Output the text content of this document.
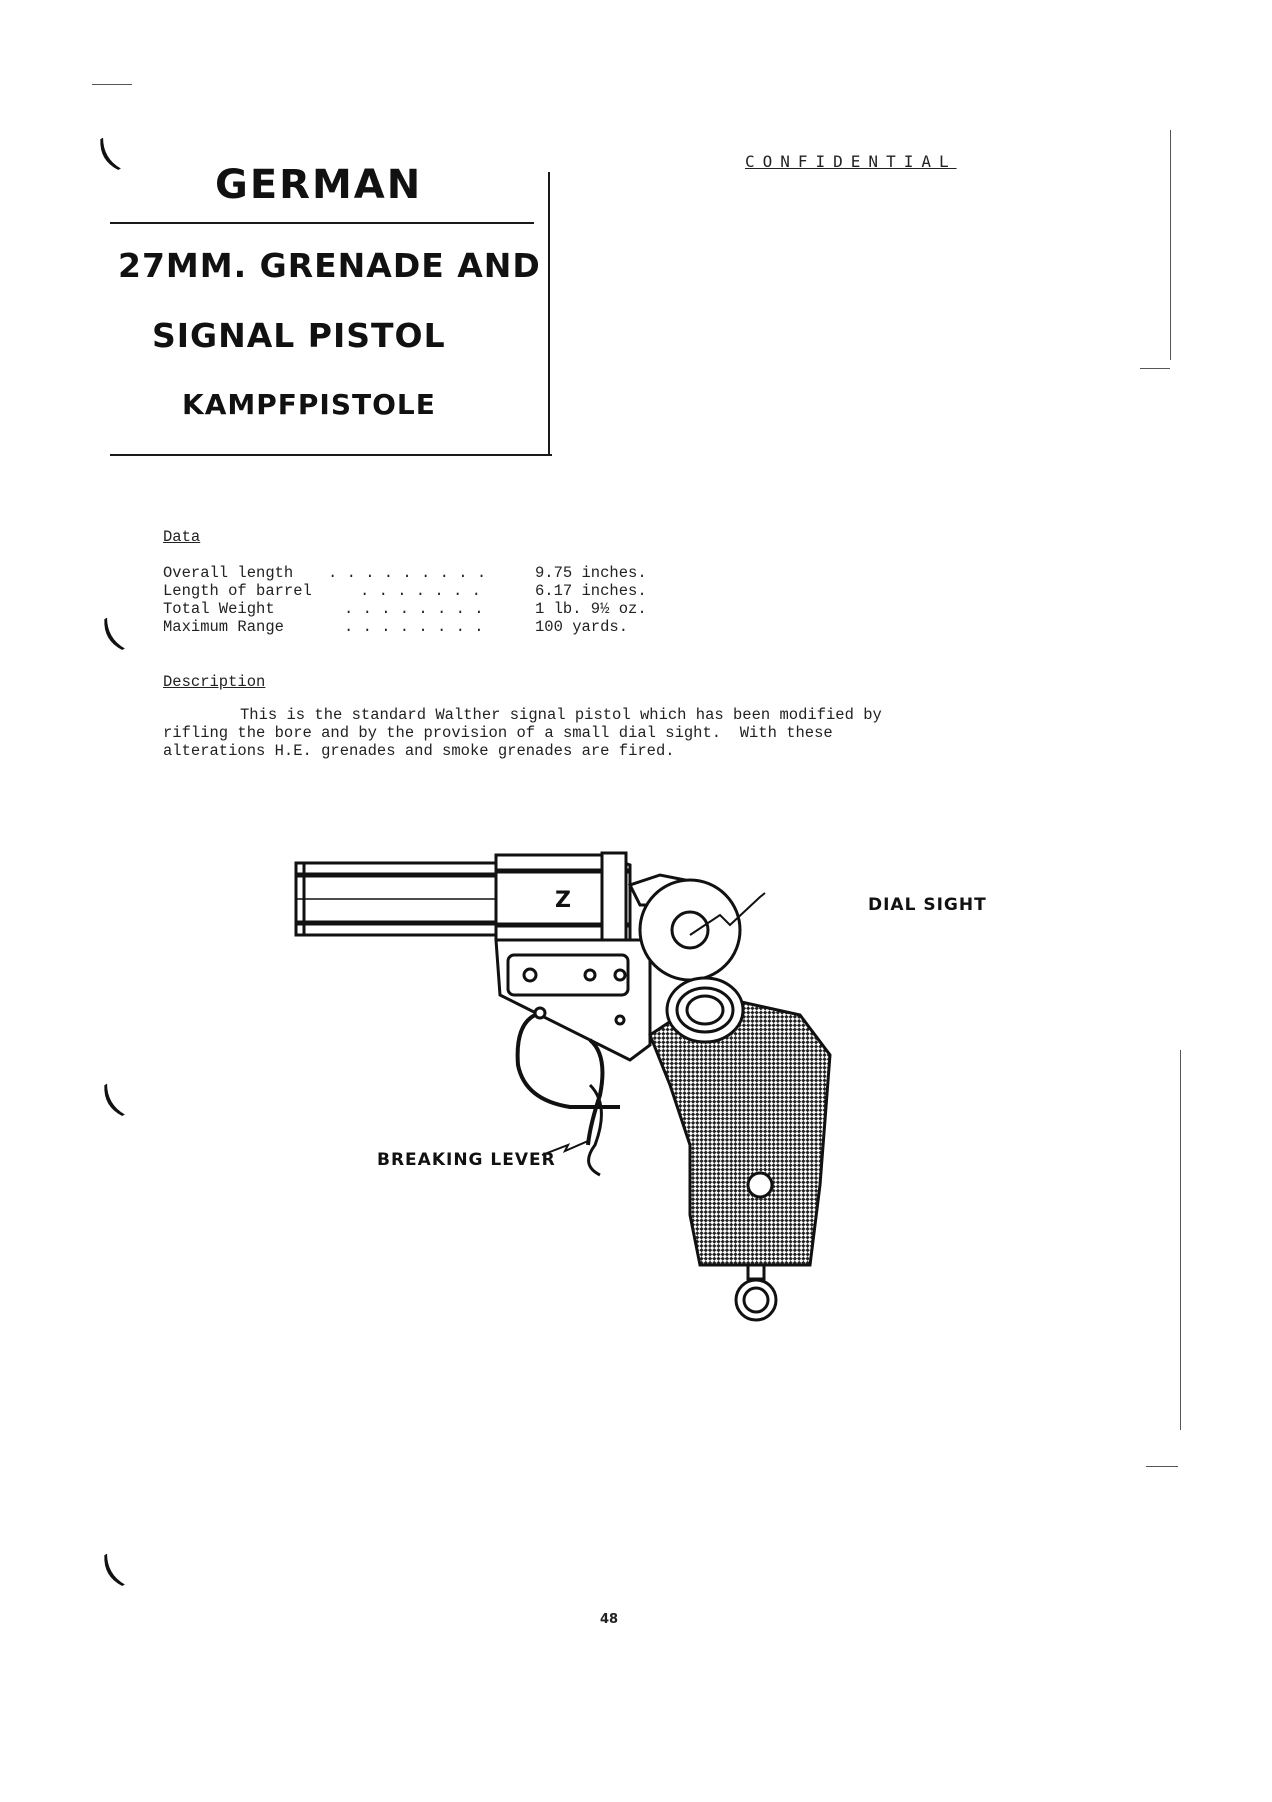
(
(
(
(
GERMAN
27MM. GRENADE AND
SIGNAL PISTOL
KAMPFPISTOLE
CONFIDENTIAL
Data
Overall length	. . . . . . . . .	9.75 inches.
Length of barrel	. . . . . . .	6.17 inches.
Total Weight	. . . . . . . .	1 lb. 9½ oz.
Maximum Range	. . . . . . . .	100 yards.
Description
This is the standard Walther signal pistol which has been modified by
rifling the bore and by the provision of a small dial sight.  With these
alterations H.E. grenades and smoke grenades are fired.
Z	DIAL SIGHT
BREAKING LEVER
48
